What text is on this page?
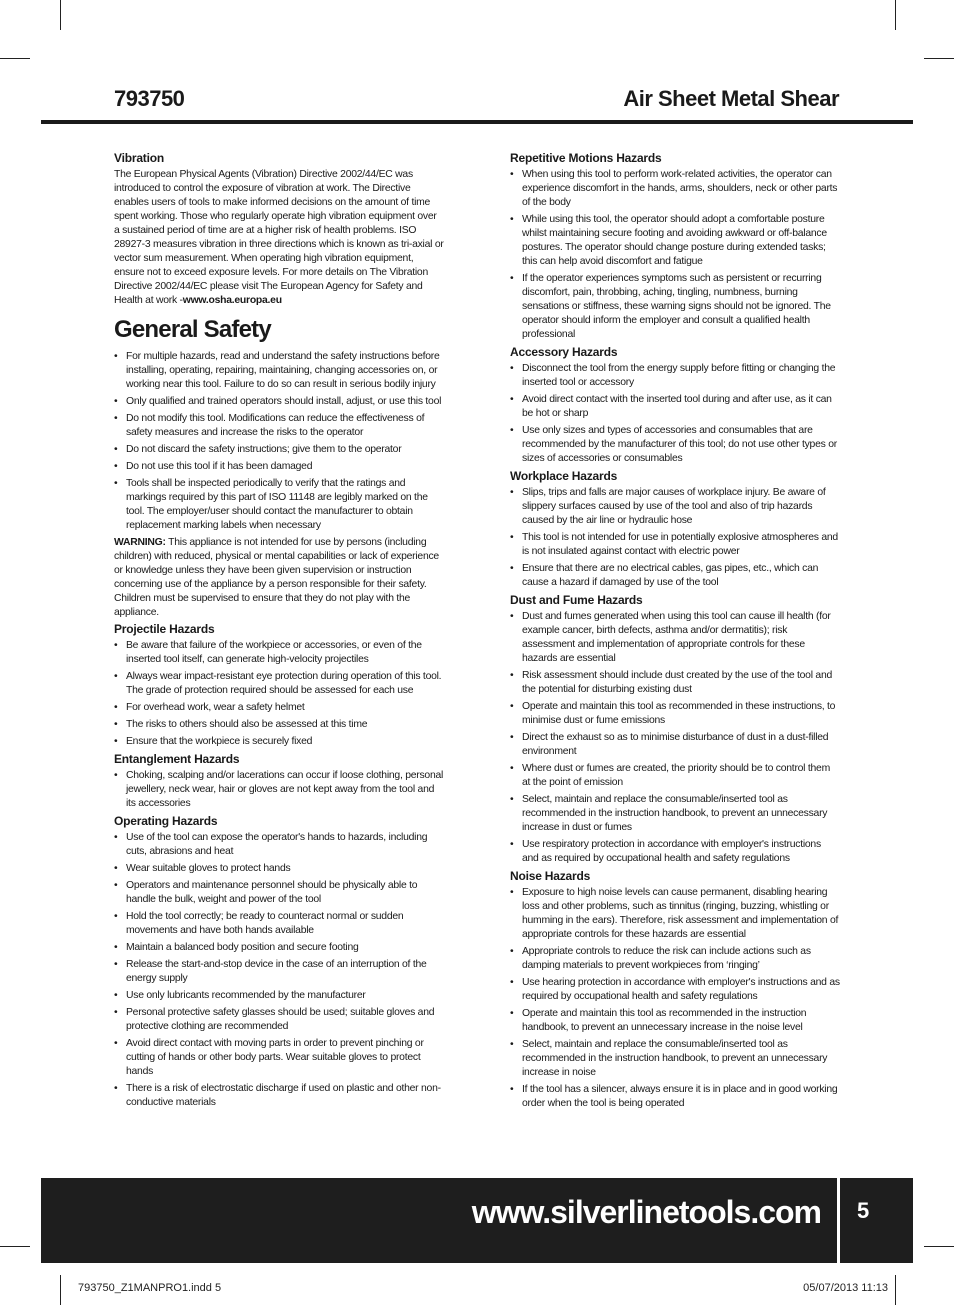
793750	Air Sheet Metal Shear
Vibration

The European Physical Agents (Vibration) Directive 2002/44/EC was introduced to control the exposure of vibration at work. The Directive enables users of tools to make informed decisions on the amount of time spent working. Those who regularly operate high vibration equipment over a sustained period of time are at a higher risk of health problems. ISO 28927-3 measures vibration in three directions which is known as tri-axial or vector sum measurement. When operating high vibration equipment, ensure not to exceed exposure levels. For more details on The Vibration Directive 2002/44/EC please visit The European Agency for Safety and Health at work -www.osha.europa.eu

General Safety
• For multiple hazards, read and understand the safety instructions before installing, operating, repairing, maintaining, changing accessories on, or working near this tool. Failure to do so can result in serious bodily injury
• Only qualified and trained operators should install, adjust, or use this tool
• Do not modify this tool. Modifications can reduce the effectiveness of safety measures and increase the risks to the operator
• Do not discard the safety instructions; give them to the operator
• Do not use this tool if it has been damaged
• Tools shall be inspected periodically to verify that the ratings and markings required by this part of ISO 11148 are legibly marked on the tool. The employer/user should contact the manufacturer to obtain replacement marking labels when necessary

WARNING: This appliance is not intended for use by persons (including children) with reduced, physical or mental capabilities or lack of experience or knowledge unless they have been given supervision or instruction concerning use of the appliance by a person responsible for their safety. Children must be supervised to ensure that they do not play with the appliance.

Projectile Hazards
• Be aware that failure of the workpiece or accessories, or even of the inserted tool itself, can generate high-velocity projectiles
• Always wear impact-resistant eye protection during operation of this tool. The grade of protection required should be assessed for each use
• For overhead work, wear a safety helmet
• The risks to others should also be assessed at this time
• Ensure that the workpiece is securely fixed
Entanglement Hazards
• Choking, scalping and/or lacerations can occur if loose clothing, personal jewellery, neck wear, hair or gloves are not kept away from the tool and its accessories
Operating Hazards
• Use of the tool can expose the operator's hands to hazards, including cuts, abrasions and heat
• Wear suitable gloves to protect hands
• Operators and maintenance personnel should be physically able to handle the bulk, weight and power of the tool
• Hold the tool correctly; be ready to counteract normal or sudden movements and have both hands available
• Maintain a balanced body position and secure footing
• Release the start-and-stop device in the case of an interruption of the energy supply
• Use only lubricants recommended by the manufacturer
• Personal protective safety glasses should be used; suitable gloves and protective clothing are recommended
• Avoid direct contact with moving parts in order to prevent pinching or cutting of hands or other body parts. Wear suitable gloves to protect hands
• There is a risk of electrostatic discharge if used on plastic and other non-conductive materials
Repetitive Motions Hazards
• When using this tool to perform work-related activities, the operator can experience discomfort in the hands, arms, shoulders, neck or other parts of the body
• While using this tool, the operator should adopt a comfortable posture whilst maintaining secure footing and avoiding awkward or off-balance postures. The operator should change posture during extended tasks; this can help avoid discomfort and fatigue
• If the operator experiences symptoms such as persistent or recurring discomfort, pain, throbbing, aching, tingling, numbness, burning sensations or stiffness, these warning signs should not be ignored. The operator should inform the employer and consult a qualified health professional
Accessory Hazards
• Disconnect the tool from the energy supply before fitting or changing the inserted tool or accessory
• Avoid direct contact with the inserted tool during and after use, as it can be hot or sharp
• Use only sizes and types of accessories and consumables that are recommended by the manufacturer of this tool; do not use other types or sizes of accessories or consumables
Workplace Hazards
• Slips, trips and falls are major causes of workplace injury. Be aware of slippery surfaces caused by use of the tool and also of trip hazards caused by the air line or hydraulic hose
• This tool is not intended for use in potentially explosive atmospheres and is not insulated against contact with electric power
• Ensure that there are no electrical cables, gas pipes, etc., which can cause a hazard if damaged by use of the tool
Dust and Fume Hazards
• Dust and fumes generated when using this tool can cause ill health (for example cancer, birth defects, asthma and/or dermatitis); risk assessment and implementation of appropriate controls for these hazards are essential
• Risk assessment should include dust created by the use of the tool and the potential for disturbing existing dust
• Operate and maintain this tool as recommended in these instructions, to minimise dust or fume emissions
• Direct the exhaust so as to minimise disturbance of dust in a dust-filled environment
• Where dust or fumes are created, the priority should be to control them at the point of emission
• Select, maintain and replace the consumable/inserted tool as recommended in the instruction handbook, to prevent an unnecessary increase in dust or fumes
• Use respiratory protection in accordance with employer's instructions and as required by occupational health and safety regulations
Noise Hazards
• Exposure to high noise levels can cause permanent, disabling hearing loss and other problems, such as tinnitus (ringing, buzzing, whistling or humming in the ears). Therefore, risk assessment and implementation of appropriate controls for these hazards are essential
• Appropriate controls to reduce the risk can include actions such as damping materials to prevent workpieces from ‘ringing’
• Use hearing protection in accordance with employer's instructions and as required by occupational health and safety regulations
• Operate and maintain this tool as recommended in the instruction handbook, to prevent an unnecessary increase in the noise level
• Select, maintain and replace the consumable/inserted tool as recommended in the instruction handbook, to prevent an unnecessary increase in noise
• If the tool has a silencer, always ensure it is in place and in good working order when the tool is being operated
www.silverlinetools.com 5
793750_Z1MANPRO1.indd 5	05/07/2013 11:13
